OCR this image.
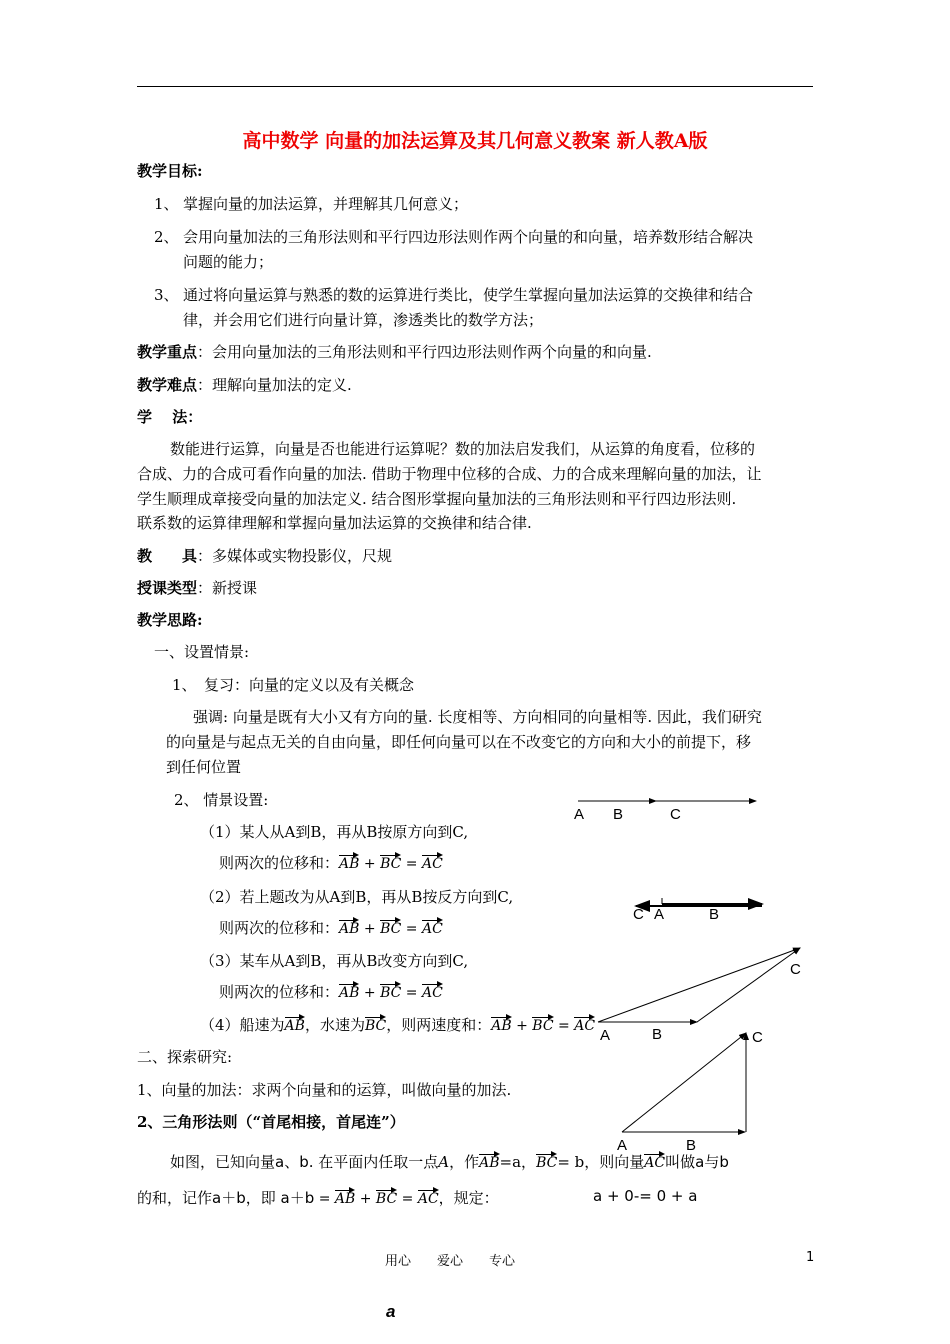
高中数学 向量的加法运算及其几何意义教案 新人教A版
教学目标:
1、 掌握向量的加法运算，并理解其几何意义；
2、 会用向量加法的三角形法则和平行四边形法则作两个向量的和向量，培养数形结合解决
问题的能力；
3、 通过将向量运算与熟悉的数的运算进行类比，使学生掌握向量加法运算的交换律和结合
律，并会用它们进行向量计算，渗透类比的数学方法；
教学重点：会用向量加法的三角形法则和平行四边形法则作两个向量的和向量.
教学难点：理解向量加法的定义.
学　 法：
数能进行运算，向量是否也能进行运算呢？数的加法启发我们，从运算的角度看，位移的
合成、力的合成可看作向量的加法. 借助于物理中位移的合成、力的合成来理解向量的加法，让
学生顺理成章接受向量的加法定义. 结合图形掌握向量加法的三角形法则和平行四边形法则.
联系数的运算律理解和掌握向量加法运算的交换律和结合律.
教　　具：多媒体或实物投影仪，尺规
授课类型：新授课
教学思路:
一、设置情景:
1、　复习：向量的定义以及有关概念
强调: 向量是既有大小又有方向的量. 长度相等、方向相同的向量相等. 因此，我们研究
的向量是与起点无关的自由向量，即任何向量可以在不改变它的方向和大小的前提下，移
到任何位置
2、 情景设置:
（1）某人从A到B，再从B按原方向到C,
则两次的位移和：AB + BC = AC
（2）若上题改为从A到B，再从B按反方向到C,
则两次的位移和：AB + BC = AC
（3）某车从A到B，再从B改变方向到C,
则两次的位移和：AB + BC = AC
（4）船速为AB，水速为BC，则两速度和：AB + BC = AC
二、探索研究:
1、向量的加法：求两个向量和的运算，叫做向量的加法.
2、三角形法则（“首尾相接，首尾连”）
如图，已知向量a、b. 在平面内任取一点A，作AB=a，BC= b，则向量AC叫做a与b
的和，记作a＋b，即 a＋b = AB + BC = AC，规定：	a + 0-= 0 + a
A B	C
C A	B
C
A	B	C
A	B
用心　　爱心　　专心	1
a
